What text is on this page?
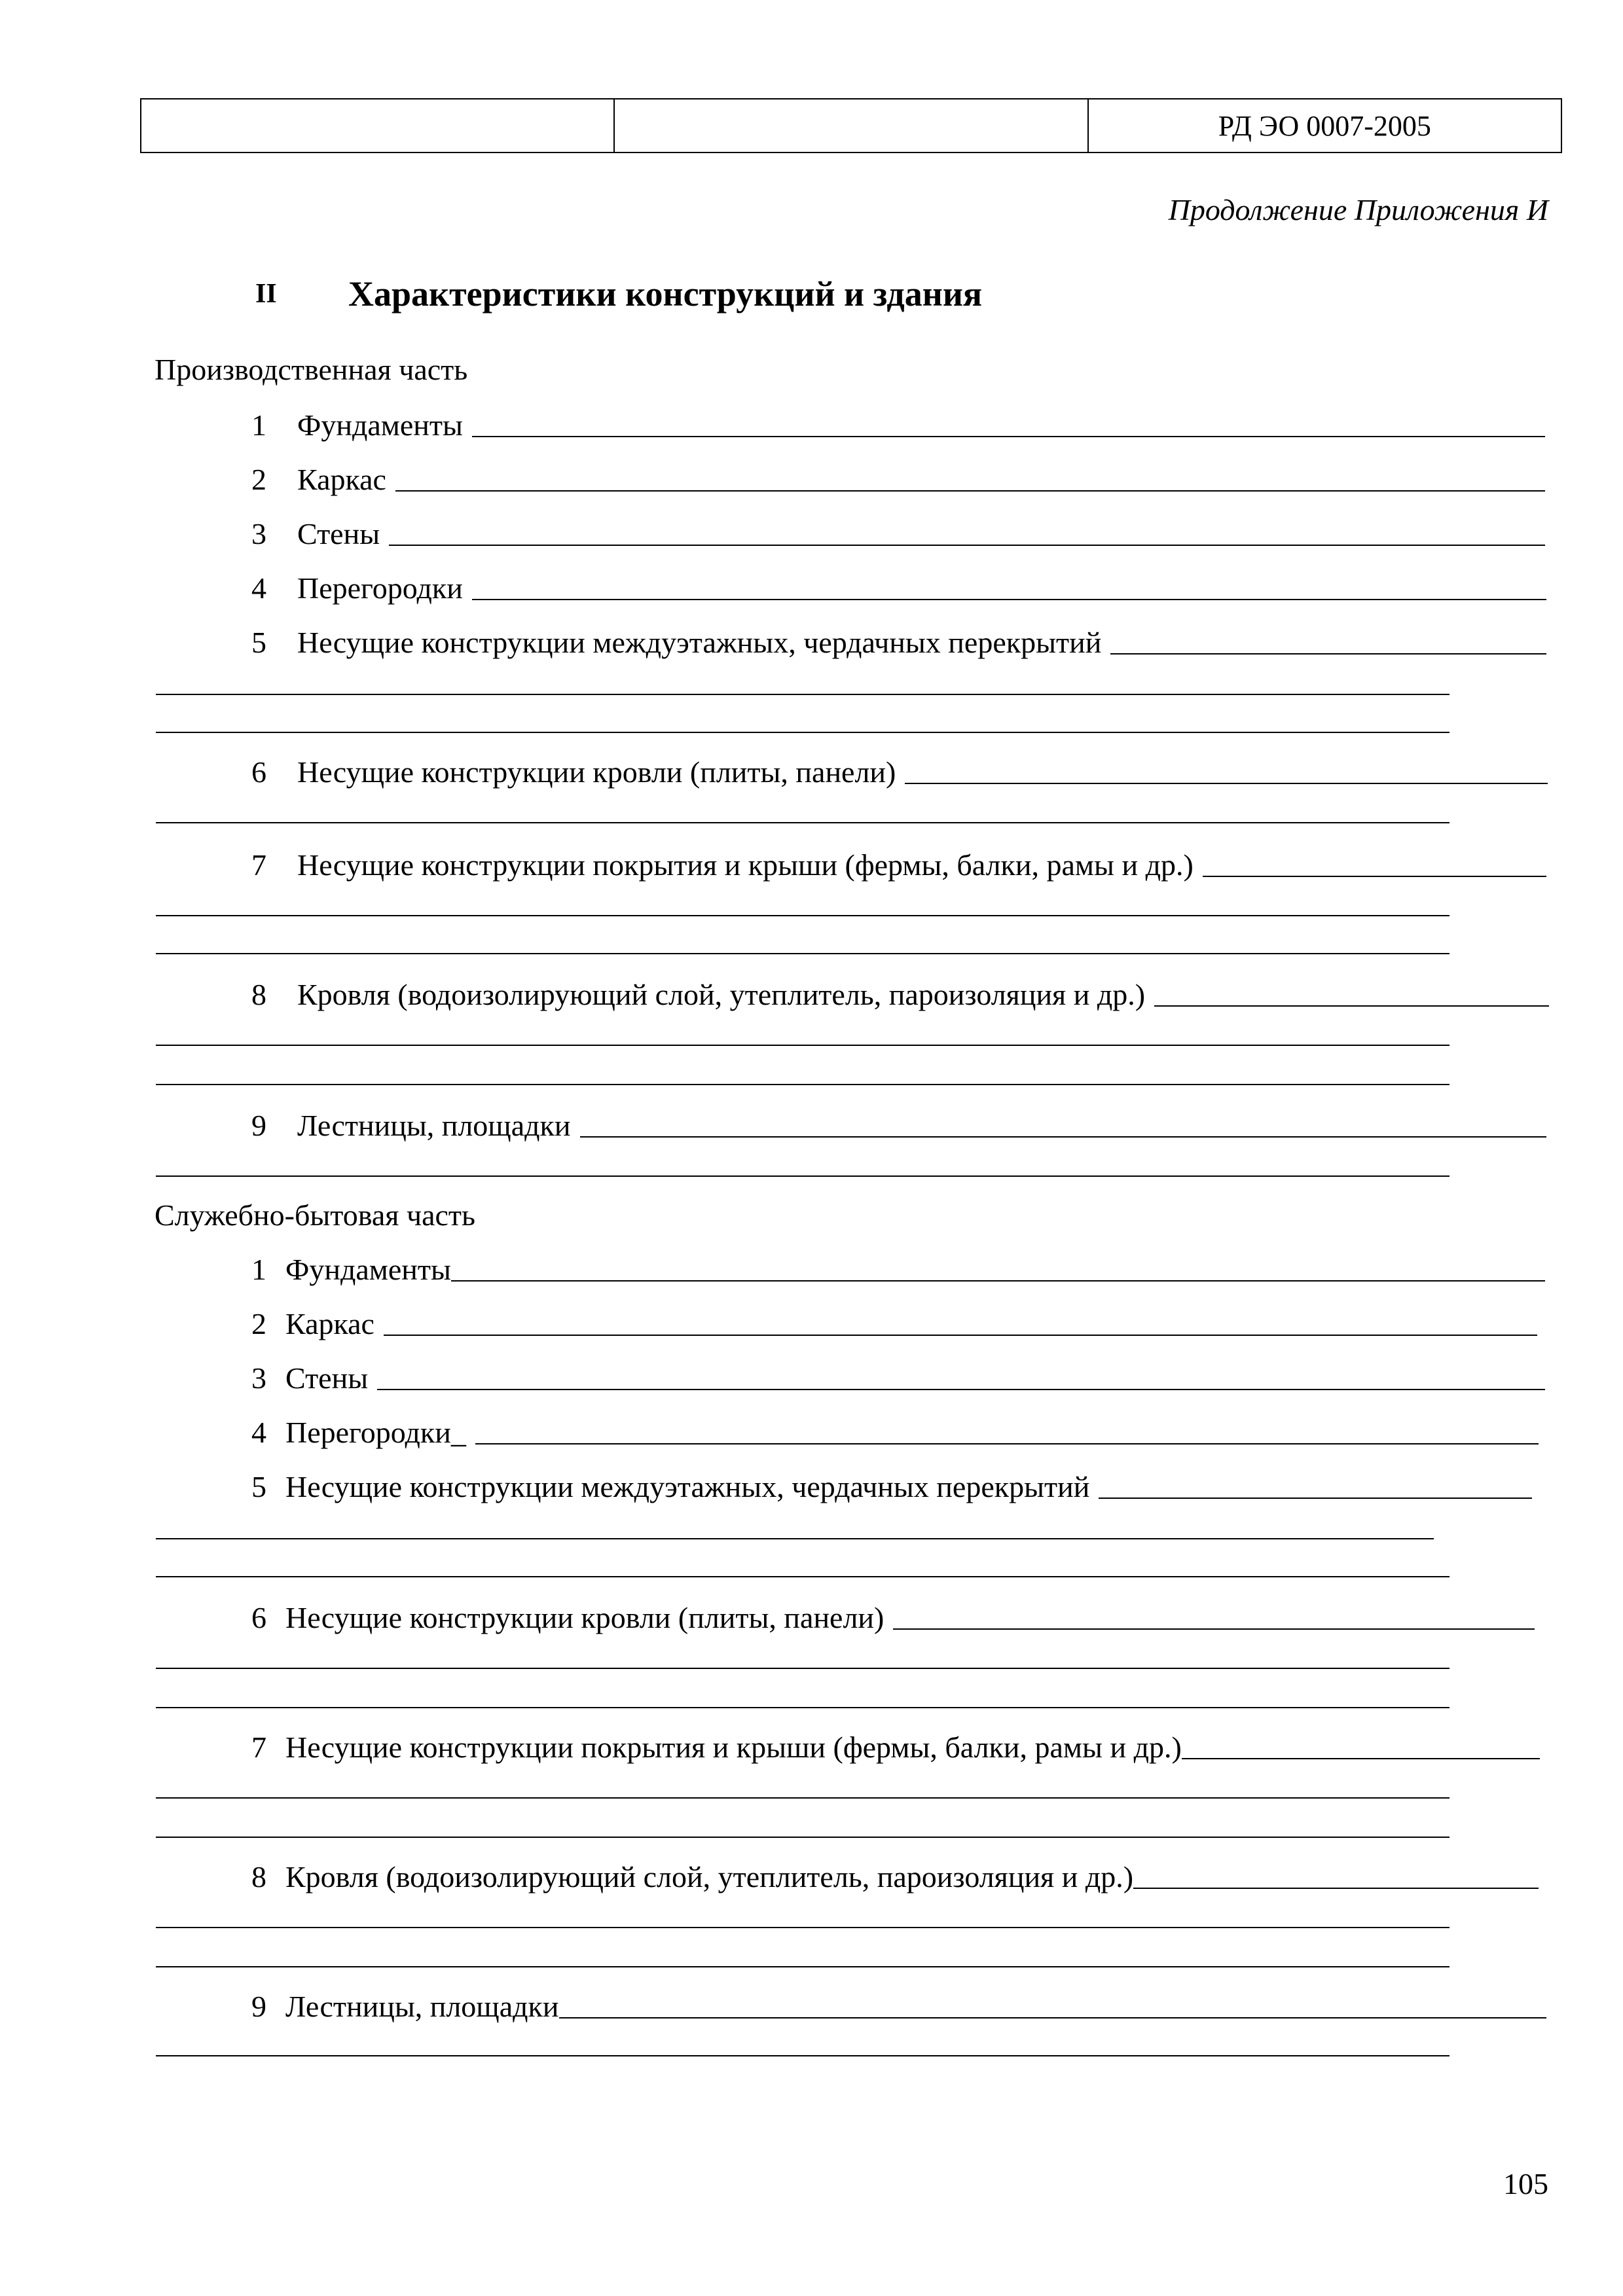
		РД ЭО 0007-2005
Продолжение Приложения И
II Характеристики конструкций и здания
Производственная часть
1	Фундаменты
2	Каркас
3	Стены
4	Перегородки
5	Несущие конструкции междуэтажных, чердачных перекрытий
6	Несущие конструкции кровли (плиты, панели)
7	Несущие конструкции покрытия и крыши (фермы, балки, рамы и др.)
8	Кровля (водоизолирующий слой, утеплитель, пароизоляция и др.)
9	Лестницы, площадки
Служебно-бытовая часть
1 Фундаменты
2 Каркас
3 Стены
4 Перегородки_
5 Несущие конструкции междуэтажных, чердачных перекрытий
6 Несущие конструкции кровли (плиты, панели)
7 Несущие конструкции покрытия и крыши (фермы, балки, рамы и др.)
8 Кровля (водоизолирующий слой, утеплитель, пароизоляция и др.)
9 Лестницы, площадки
105
